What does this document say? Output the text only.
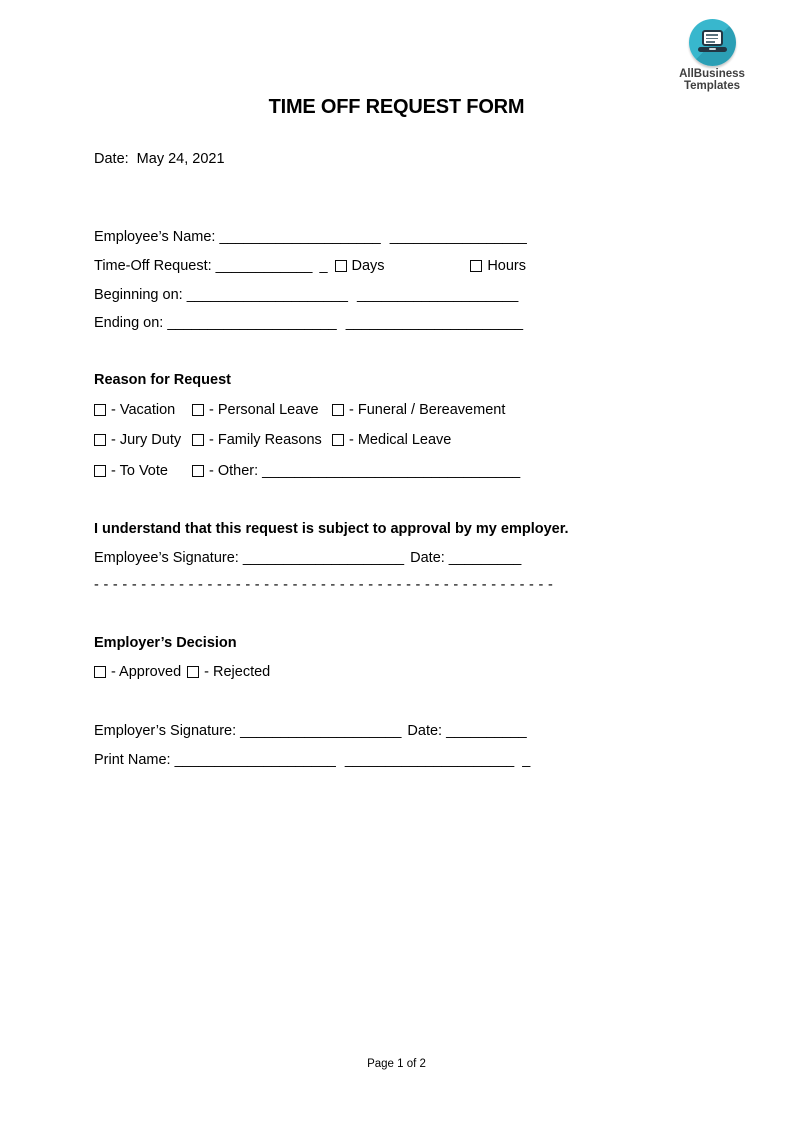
AllBusiness
Templates
TIME OFF REQUEST FORM
Date: May 24, 2021
Employee’s Name: ____________________ _________________
Time-Off Request: ____________ _ Days	Hours
Beginning on: ____________________ ____________________
Ending on: _____________________ ______________________
Reason for Request
- Vacation	- Personal Leave	- Funeral / Bereavement
- Jury Duty	- Family Reasons	- Medical Leave
- To Vote	- Other: ________________________________
I understand that this request is subject to approval by my employer.
Employee’s Signature: ____________________ Date: _________
- - - - - - - - - - - - - - - - - - - - - - - - - - - - - - - - - - - - - - - - - - - - - - - - -
Employer’s Decision
- Approved - Rejected
Employer’s Signature: ____________________ Date: __________
Print Name: ____________________ _____________________ _
Page 1 of 2
